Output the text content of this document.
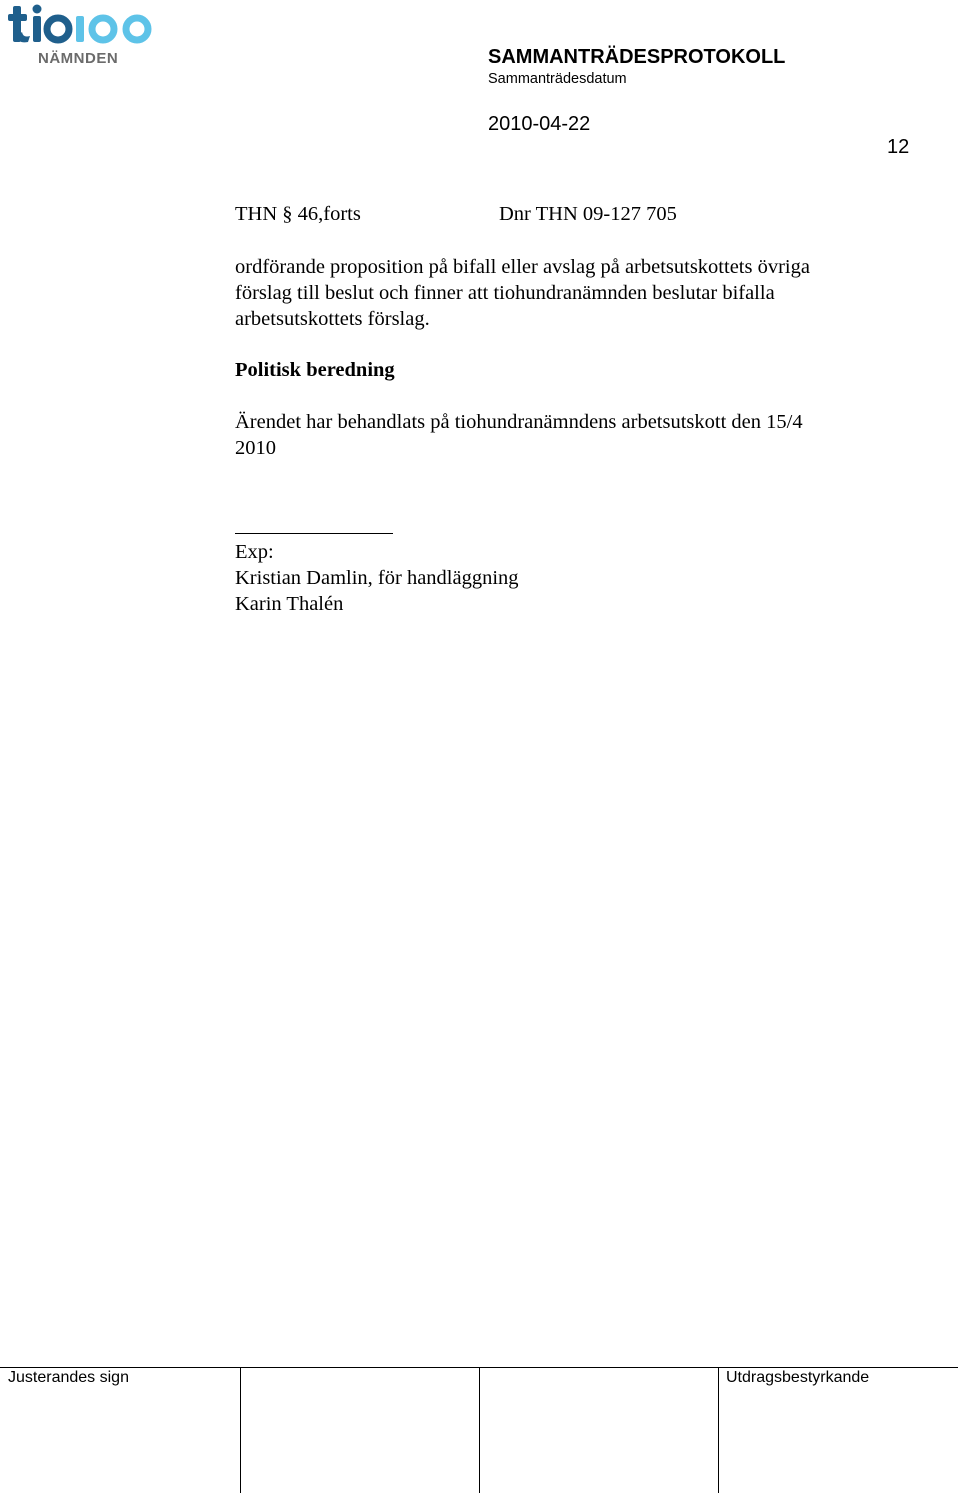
NÄMNDEN	SAMMANTRÄDESPROTOKOLL
Sammanträdesdatum
2010-04-22
12
THN § 46,forts	Dnr THN 09-127 705
ordförande proposition på bifall eller avslag på arbetsutskottets övriga
förslag till beslut och finner att tiohundranämnden beslutar bifalla
arbetsutskottets förslag.
Politisk beredning
Ärendet har behandlats på tiohundranämndens arbetsutskott den 15/4
2010
Exp:
Kristian Damlin, för handläggning
Karin Thalén
Justerandes sign	Utdragsbestyrkande
